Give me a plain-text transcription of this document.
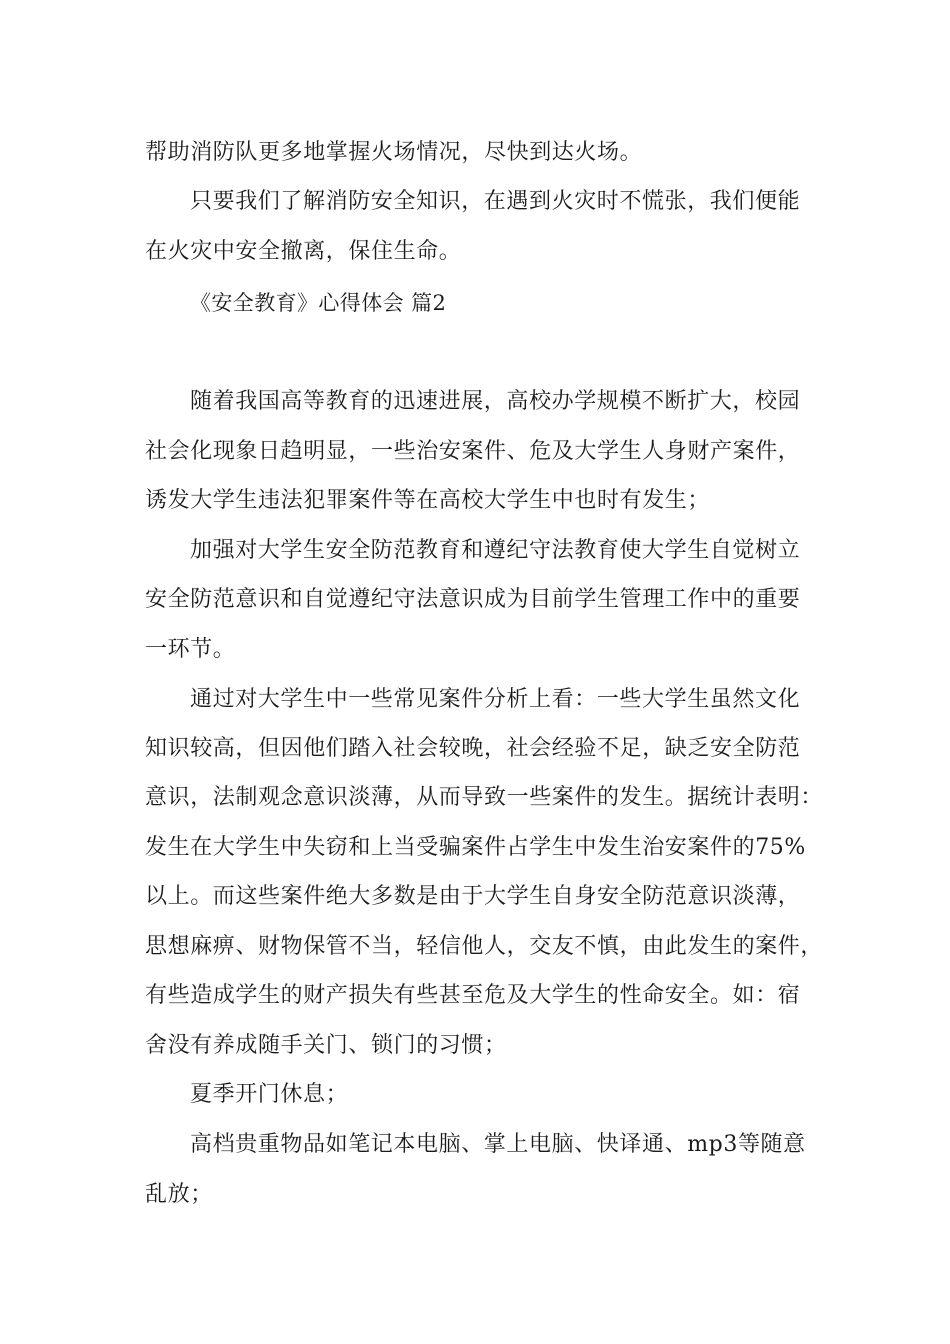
帮助消防队更多地掌握火场情况，尽快到达火场。
只要我们了解消防安全知识，在遇到火灾时不慌张，我们便能
在火灾中安全撤离，保住生命。
《安全教育》心得体会 篇2
随着我国高等教育的迅速进展，高校办学规模不断扩大，校园
社会化现象日趋明显，一些治安案件、危及大学生人身财产案件，
诱发大学生违法犯罪案件等在高校大学生中也时有发生；
加强对大学生安全防范教育和遵纪守法教育使大学生自觉树立
安全防范意识和自觉遵纪守法意识成为目前学生管理工作中的重要
一环节。
通过对大学生中一些常见案件分析上看：一些大学生虽然文化
知识较高，但因他们踏入社会较晚，社会经验不足，缺乏安全防范
意识，法制观念意识淡薄，从而导致一些案件的发生。据统计表明：
发生在大学生中失窃和上当受骗案件占学生中发生治安案件的75%
以上。而这些案件绝大多数是由于大学生自身安全防范意识淡薄，
思想麻痹、财物保管不当，轻信他人，交友不慎，由此发生的案件，
有些造成学生的财产损失有些甚至危及大学生的性命安全。如：宿
舍没有养成随手关门、锁门的习惯；
夏季开门休息；
高档贵重物品如笔记本电脑、掌上电脑、快译通、mp3等随意
乱放；
